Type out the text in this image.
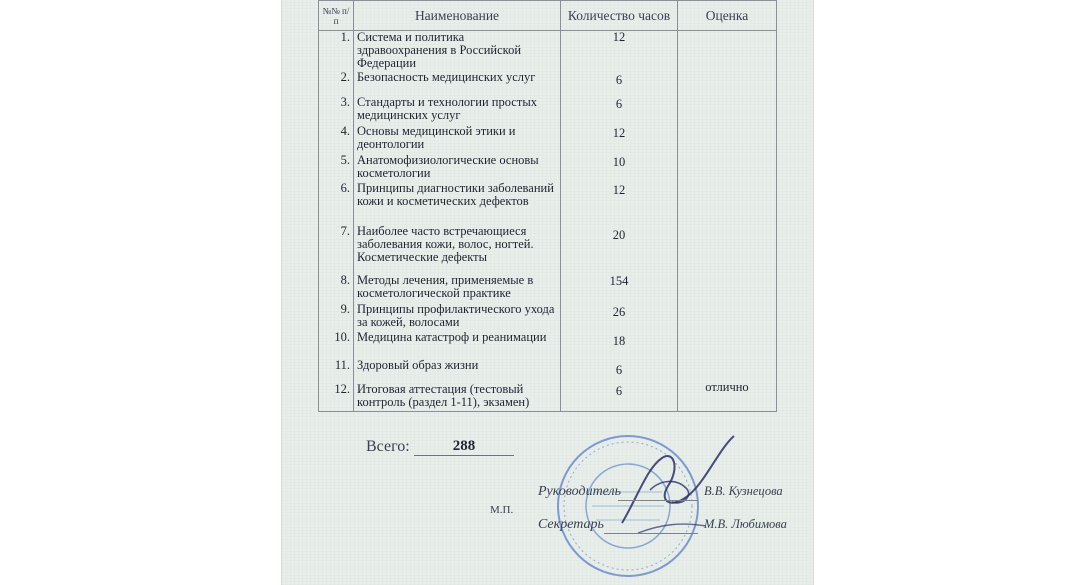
№№ п/п	Наименование	Количество часов	Оценка
1.	Система и политика здравоохранения в Российской Федерации	12	
2.	Безопасность медицинских услуг	6	
3.	Стандарты и технологии простых медицинских услуг	6	
4.	Основы медицинской этики и деонтологии	12	
5.	Анатомофизиологические основы косметологии	10	
6.	Принципы диагностики заболеваний кожи и косметических дефектов	12	
7.	Наиболее часто встречающиеся заболевания кожи, волос, ногтей. Косметические дефекты	20	
8.	Методы лечения, применяемые в косметологической практике	154	
9.	Принципы профилактического ухода за кожей, волосами	26	
10.	Медицина катастроф и реанимации	18	
11.	Здоровый образ жизни	6	
12.	Итоговая аттестация (тестовый контроль (раздел 1-11), экзамен)	6	отлично
Всего:	288
М.П.
Руководитель	В.В. Кузнецова
Секретарь	М.В. Любимова
